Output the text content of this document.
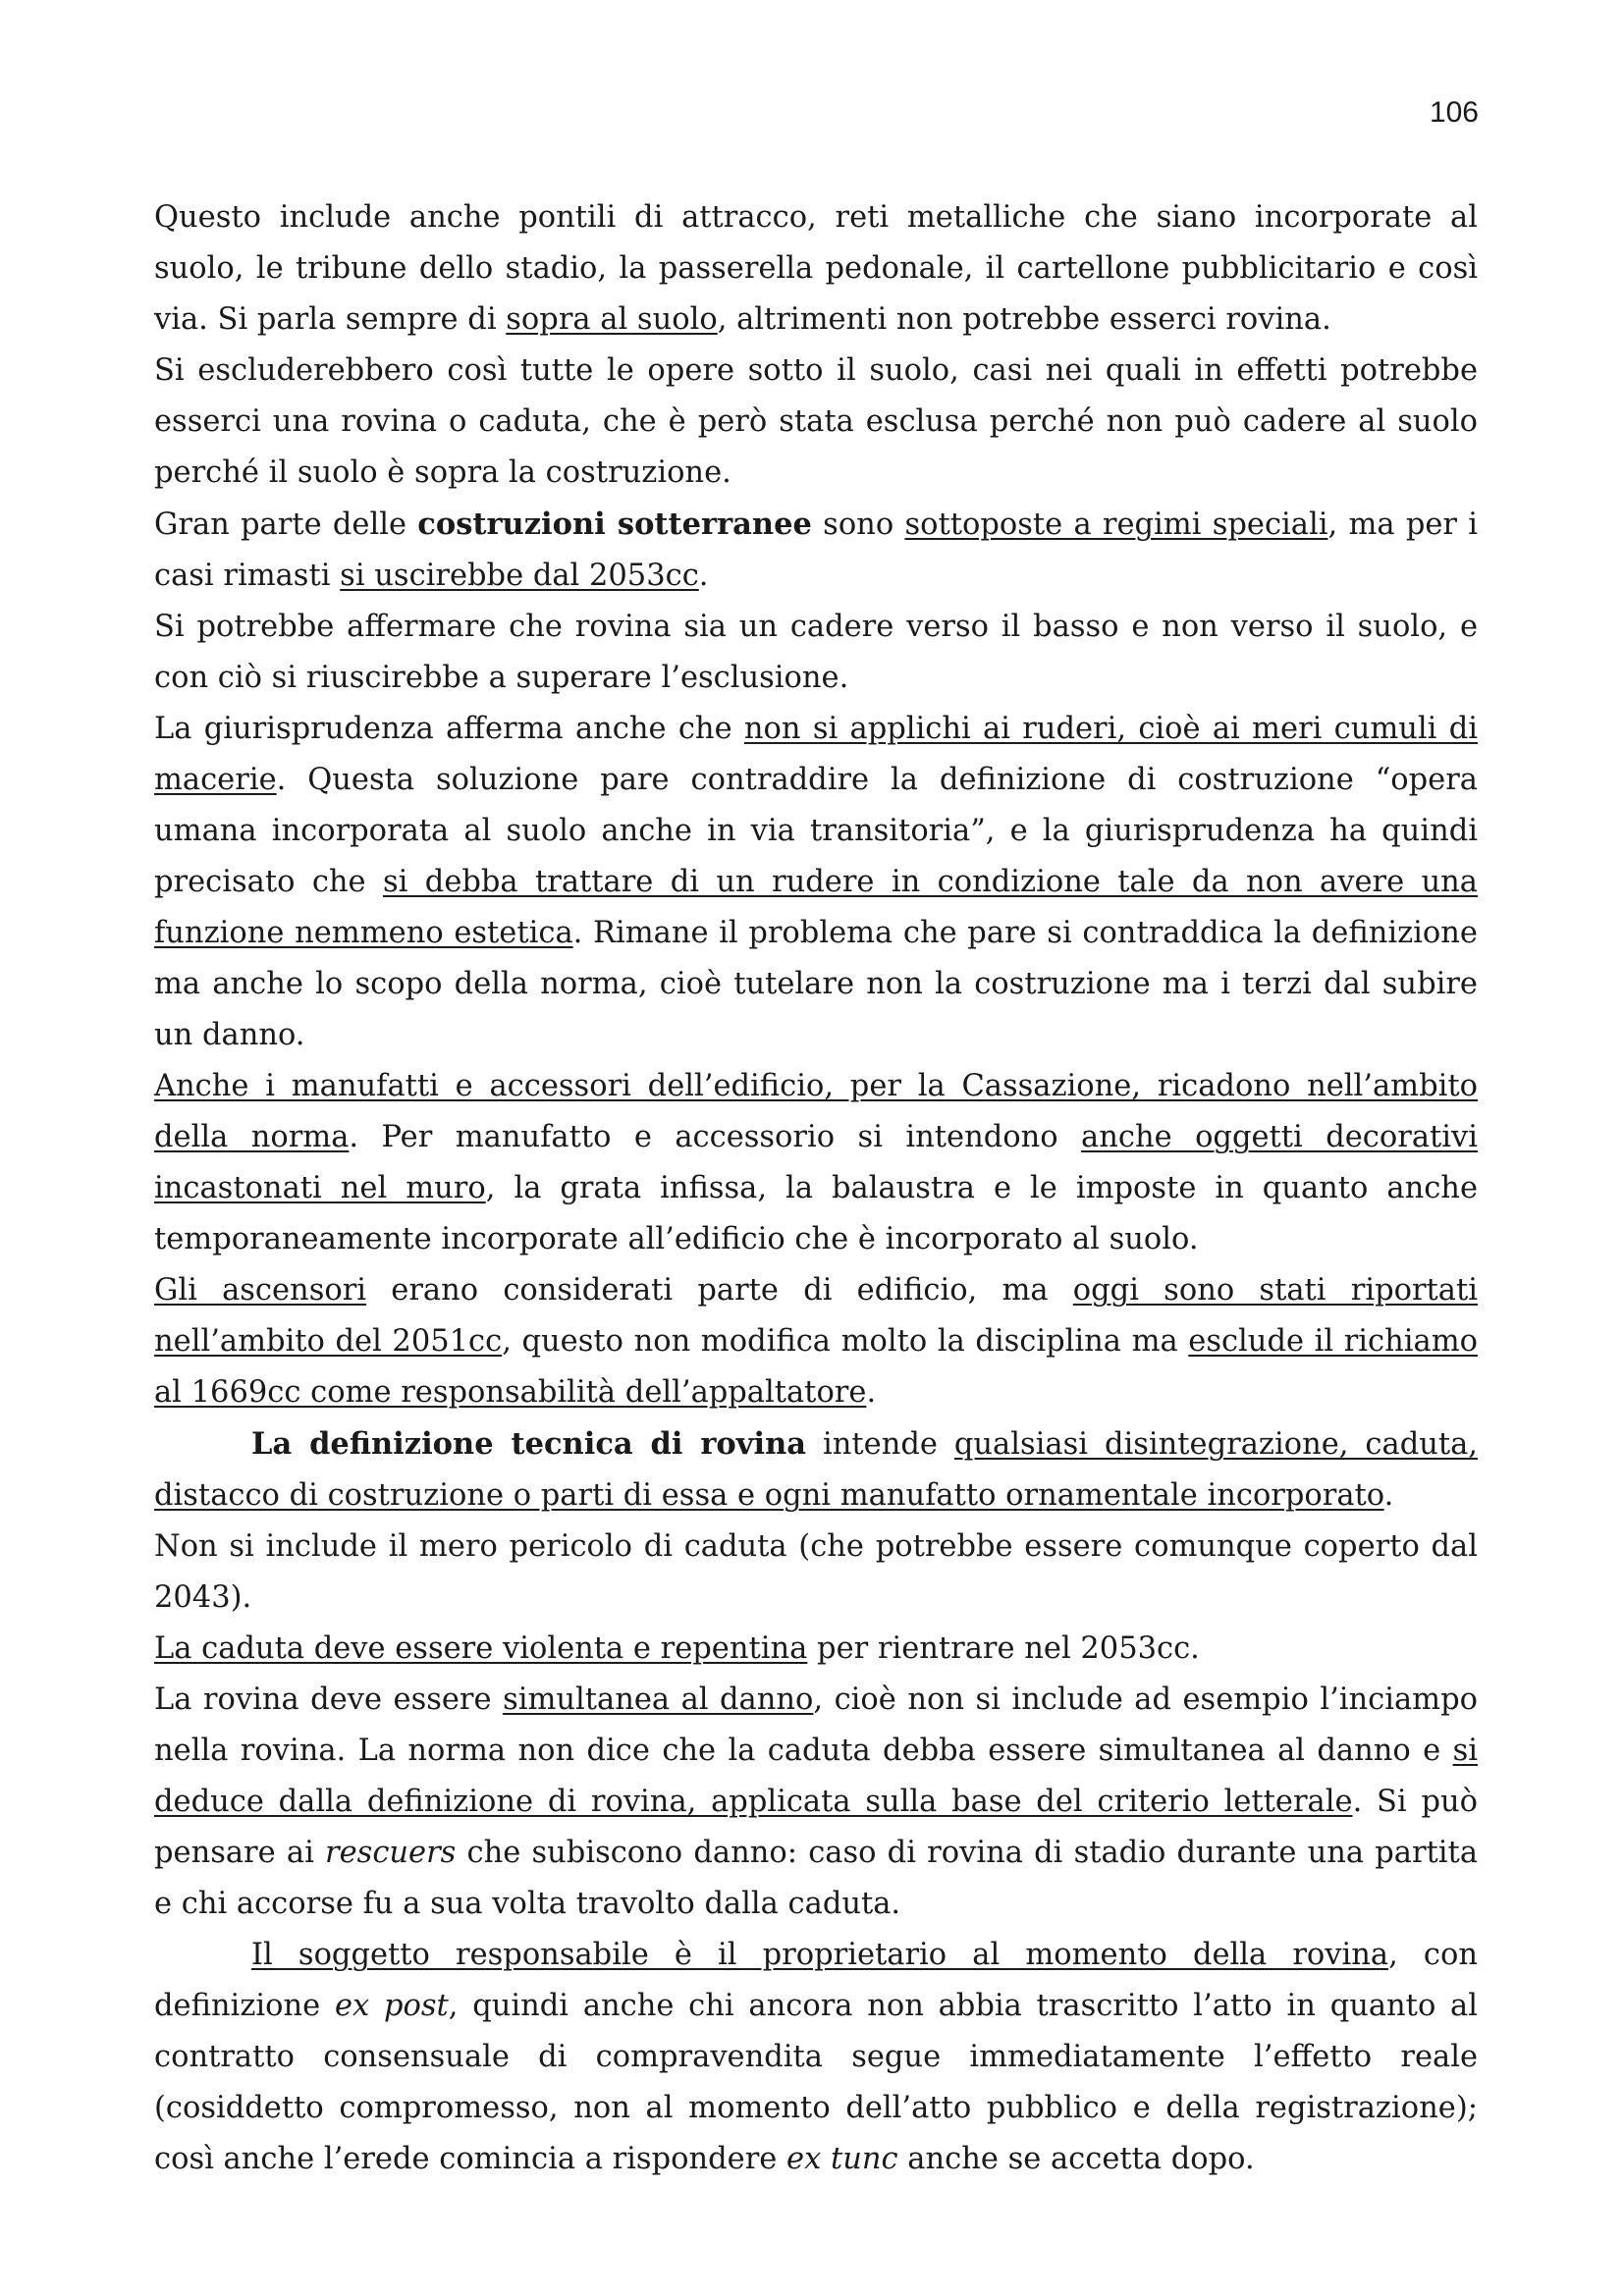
106

Questo include anche pontili di attracco, reti metalliche che siano incorporate al suolo, le tribune dello stadio, la passerella pedonale, il cartellone pubblicitario e così via. Si parla sempre di sopra al suolo, altrimenti non potrebbe esserci rovina.

Si escluderebbero così tutte le opere sotto il suolo, casi nei quali in effetti potrebbe esserci una rovina o caduta, che è però stata esclusa perché non può cadere al suolo perché il suolo è sopra la costruzione.

Gran parte delle costruzioni sotterranee sono sottoposte a regimi speciali, ma per i casi rimasti si uscirebbe dal 2053cc.

Si potrebbe affermare che rovina sia un cadere verso il basso e non verso il suolo, e con ciò si riuscirebbe a superare l’esclusione.

La giurisprudenza afferma anche che non si applichi ai ruderi, cioè ai meri cumuli di macerie. Questa soluzione pare contraddire la definizione di costruzione “opera umana incorporata al suolo anche in via transitoria”, e la giurisprudenza ha quindi precisato che si debba trattare di un rudere in condizione tale da non avere una funzione nemmeno estetica. Rimane il problema che pare si contraddica la definizione ma anche lo scopo della norma, cioè tutelare non la costruzione ma i terzi dal subire un danno.

Anche i manufatti e accessori dell’edificio, per la Cassazione, ricadono nell’ambito della norma. Per manufatto e accessorio si intendono anche oggetti decorativi incastonati nel muro, la grata infissa, la balaustra e le imposte in quanto anche temporaneamente incorporate all’edificio che è incorporato al suolo.

Gli ascensori erano considerati parte di edificio, ma oggi sono stati riportati nell’ambito del 2051cc, questo non modifica molto la disciplina ma esclude il richiamo al 1669cc come responsabilità dell’appaltatore.

La definizione tecnica di rovina intende qualsiasi disintegrazione, caduta, distacco di costruzione o parti di essa e ogni manufatto ornamentale incorporato.

Non si include il mero pericolo di caduta (che potrebbe essere comunque coperto dal 2043).

La caduta deve essere violenta e repentina per rientrare nel 2053cc.

La rovina deve essere simultanea al danno, cioè non si include ad esempio l’inciampo nella rovina. La norma non dice che la caduta debba essere simultanea al danno e si deduce dalla definizione di rovina, applicata sulla base del criterio letterale. Si può pensare ai rescuers che subiscono danno: caso di rovina di stadio durante una partita e chi accorse fu a sua volta travolto dalla caduta.

Il soggetto responsabile è il proprietario al momento della rovina, con definizione ex post, quindi anche chi ancora non abbia trascritto l’atto in quanto al contratto consensuale di compravendita segue immediatamente l’effetto reale (cosiddetto compromesso, non al momento dell’atto pubblico e della registrazione); così anche l’erede comincia a rispondere ex tunc anche se accetta dopo.
